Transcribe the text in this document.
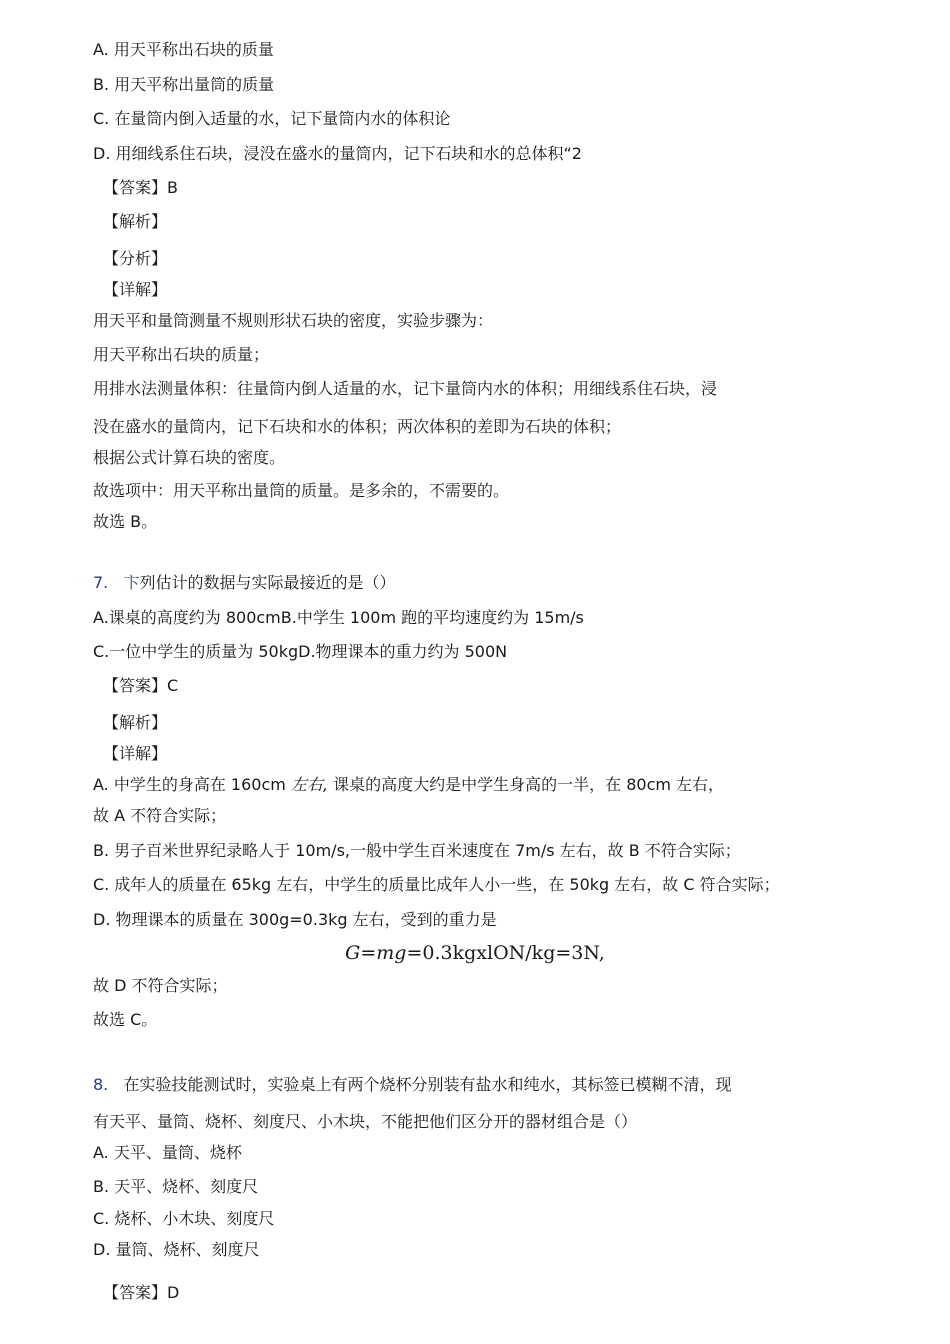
A. 用天平称出石块的质量
B. 用天平称出量筒的质量
C. 在量筒内倒入适量的水，记下量筒内水的体积论
D. 用细线系住石块，浸没在盛水的量筒内，记下石块和水的总体积“2
【答案】B
【解析】
【分析】
【详解】
用天平和量筒测量不规则形状石块的密度，实验步骤为：
用天平称出石块的质量；
用排水法测量体积：往量筒内倒人适量的水，记卞量筒内水的体积；用细线系住石块，浸
没在盛水的量筒内，记下石块和水的体积；两次体积的差即为石块的体积；
根据公式计算石块的密度。
故选项中：用天平称出量筒的质量。是多余的，不需要的。
故选 B。
7. 卞列估计的数据与实际最接近的是（）
A.课桌的高度约为 800cmB.中学生 100m 跑的平均速度约为 15m/s
C.一位中学生的质量为 50kgD.物理课本的重力约为 500N
【答案】C
【解析】
【详解】
A. 中学生的身高在 160cm 左右, 课桌的高度大约是中学生身高的一半，在 80cm 左右，
故 A 不符合实际；
B. 男子百米世界纪录略人于 10m/s,一般中学生百米速度在 7m/s 左右，故 B 不符合实际；
C. 成年人的质量在 65kg 左右，中学生的质量比成年人小一些，在 50kg 左右，故 C 符合实际；
D. 物理课本的质量在 300g=0.3kg 左右，受到的重力是
G=mg=0.3kgxlON/kg=3N,
故 D 不符合实际；
故选 C。
8. 在实验技能测试时，实验桌上有两个烧杯分别装有盐水和纯水，其标签已模糊不清，现
有天平、量筒、烧杯、刻度尺、小木块，不能把他们区分开的器材组合是（）
A. 天平、量筒、烧杯
B. 天平、烧杯、刻度尺
C. 烧杯、小木块、刻度尺
D. 量筒、烧杯、刻度尺
【答案】D
